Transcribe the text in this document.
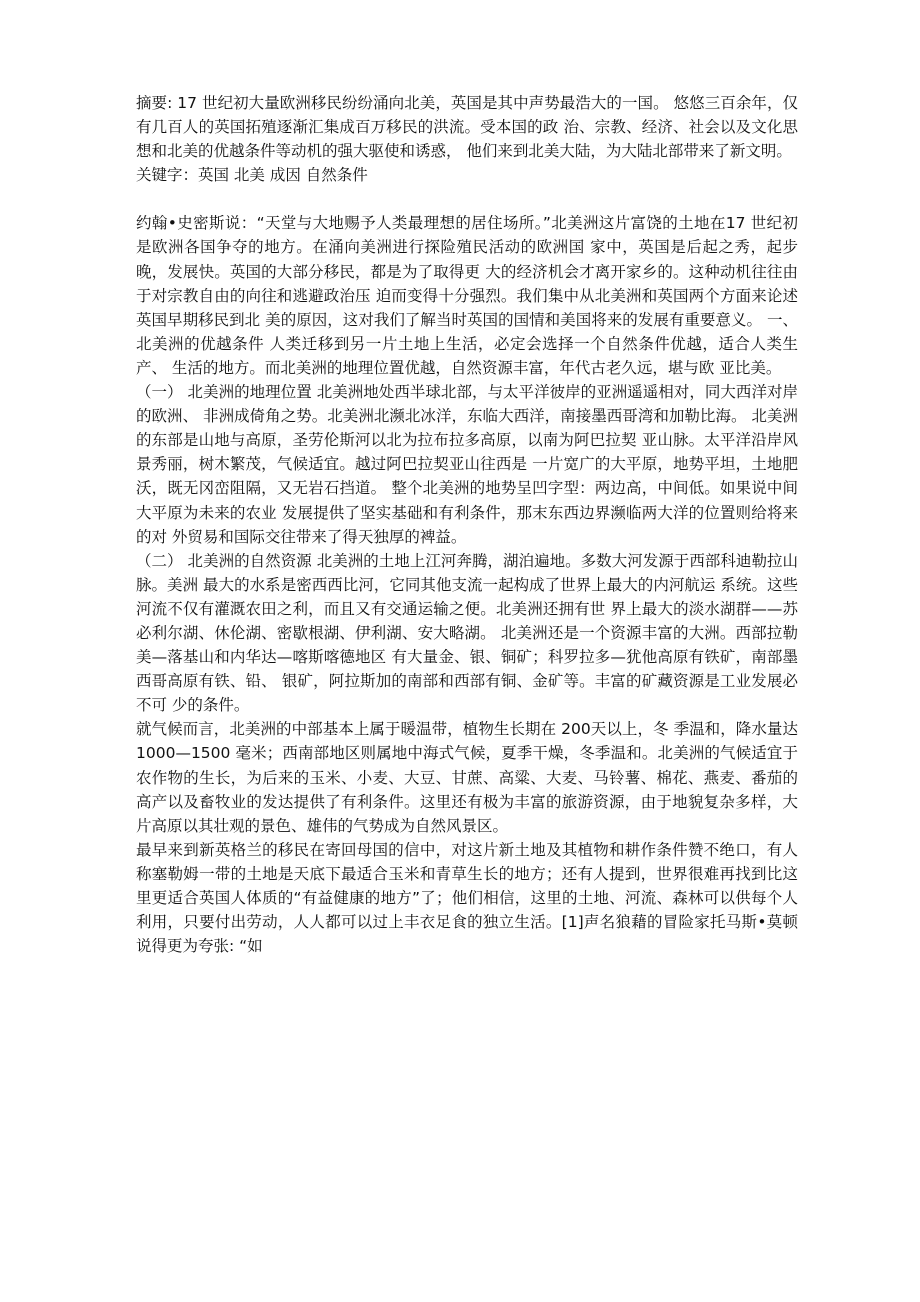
摘要: 17 世纪初大量欧洲移民纷纷涌向北美，英国是其中声势最浩大的一国。 悠悠三百余年，仅有几百人的英国拓殖逐渐汇集成百万移民的洪流。受本国的政 治、宗教、经济、社会以及文化思想和北美的优越条件等动机的强大驱使和诱惑， 他们来到北美大陆，为大陆北部带来了新文明。

关键字：英国 北美 成因 自然条件

约翰•史密斯说：“天堂与大地赐予人类最理想的居住场所。”北美洲这片富饶的土地在17 世纪初是欧洲各国争夺的地方。在涌向美洲进行探险殖民活动的欧洲国 家中，英国是后起之秀，起步晚，发展快。英国的大部分移民，都是为了取得更 大的经济机会才离开家乡的。这种动机往往由于对宗教自由的向往和逃避政治压 迫而变得十分强烈。我们集中从北美洲和英国两个方面来论述英国早期移民到北 美的原因，这对我们了解当时英国的国情和美国将来的发展有重要意义。 一、北美洲的优越条件 人类迁移到另一片土地上生活，必定会选择一个自然条件优越，适合人类生产、 生活的地方。而北美洲的地理位置优越，自然资源丰富，年代古老久远，堪与欧 亚比美。

（一） 北美洲的地理位置 北美洲地处西半球北部，与太平洋彼岸的亚洲遥遥相对，同大西洋对岸的欧洲、 非洲成倚角之势。北美洲北濒北冰洋，东临大西洋，南接墨西哥湾和加勒比海。 北美洲的东部是山地与高原，圣劳伦斯河以北为拉布拉多高原，以南为阿巴拉契 亚山脉。太平洋沿岸风景秀丽，树木繁茂，气候适宜。越过阿巴拉契亚山往西是 一片宽广的大平原，地势平坦，土地肥沃，既无冈峦阻隔，又无岩石挡道。 整个北美洲的地势呈凹字型：两边高，中间低。如果说中间大平原为未来的农业 发展提供了坚实基础和有利条件，那末东西边界濒临两大洋的位置则给将来的对 外贸易和国际交往带来了得天独厚的裨益。

（二） 北美洲的自然资源 北美洲的土地上江河奔腾，湖泊遍地。多数大河发源于西部科迪勒拉山脉。美洲 最大的水系是密西西比河，它同其他支流一起构成了世界上最大的内河航运 系统。这些河流不仅有灌溉农田之利，而且又有交通运输之便。北美洲还拥有世 界上最大的淡水湖群——苏必利尔湖、休伦湖、密歇根湖、伊利湖、安大略湖。 北美洲还是一个资源丰富的大洲。西部拉勒美—落基山和内华达—喀斯喀德地区 有大量金、银、铜矿；科罗拉多—犹他高原有铁矿，南部墨西哥高原有铁、铅、 银矿，阿拉斯加的南部和西部有铜、金矿等。丰富的矿藏资源是工业发展必不可 少的条件。

就气候而言，北美洲的中部基本上属于暖温带，植物生长期在 200天以上，冬 季温和，降水量达 1000—1500 毫米；西南部地区则属地中海式气候，夏季干燥，冬季温和。北美洲的气候适宜于农作物的生长，为后来的玉米、小麦、大豆、甘蔗、高粱、大麦、马铃薯、棉花、燕麦、番茄的高产以及畜牧业的发达提供了有利条件。这里还有极为丰富的旅游资源，由于地貌复杂多样，大片高原以其壮观的景色、雄伟的气势成为自然风景区。

最早来到新英格兰的移民在寄回母国的信中，对这片新土地及其植物和耕作条件赞不绝口，有人称塞勒姆一带的土地是天底下最适合玉米和青草生长的地方；还有人提到，世界很难再找到比这里更适合英国人体质的“有益健康的地方”了；他们相信，这里的土地、河流、森林可以供每个人利用，只要付出劳动，人人都可以过上丰衣足食的独立生活。[1]声名狼藉的冒险家托马斯•莫顿说得更为夸张: “如
